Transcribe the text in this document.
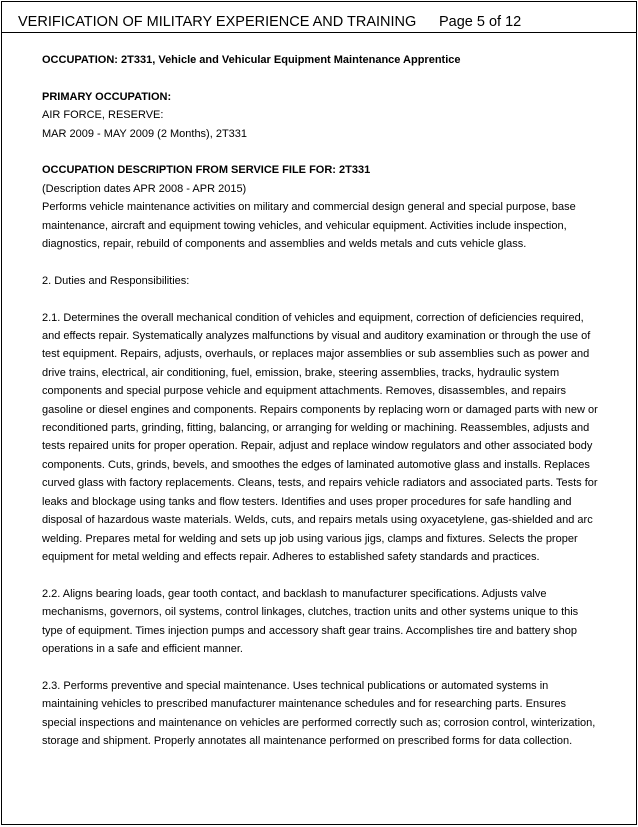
VERIFICATION OF MILITARY EXPERIENCE AND TRAINING Page 5 of 12

OCCUPATION: 2T331, Vehicle and Vehicular Equipment Maintenance Apprentice

PRIMARY OCCUPATION:

AIR FORCE, RESERVE:

MAR 2009 - MAY 2009 (2 Months), 2T331

OCCUPATION DESCRIPTION FROM SERVICE FILE FOR: 2T331

(Description dates APR 2008 - APR 2015)

Performs vehicle maintenance activities on military and commercial design general and special purpose, base maintenance, aircraft and equipment towing vehicles, and vehicular equipment. Activities include inspection, diagnostics, repair, rebuild of components and assemblies and welds metals and cuts vehicle glass.

2. Duties and Responsibilities:

2.1. Determines the overall mechanical condition of vehicles and equipment, correction of deficiencies required, and effects repair. Systematically analyzes malfunctions by visual and auditory examination or through the use of test equipment. Repairs, adjusts, overhauls, or replaces major assemblies or sub assemblies such as power and drive trains, electrical, air conditioning, fuel, emission, brake, steering assemblies, tracks, hydraulic system components and special purpose vehicle and equipment attachments. Removes, disassembles, and repairs gasoline or diesel engines and components. Repairs components by replacing worn or damaged parts with new or reconditioned parts, grinding, fitting, balancing, or arranging for welding or machining. Reassembles, adjusts and tests repaired units for proper operation. Repair, adjust and replace window regulators and other associated body components. Cuts, grinds, bevels, and smoothes the edges of laminated automotive glass and installs. Replaces curved glass with factory replacements. Cleans, tests, and repairs vehicle radiators and associated parts. Tests for leaks and blockage using tanks and flow testers. Identifies and uses proper procedures for safe handling and disposal of hazardous waste materials. Welds, cuts, and repairs metals using oxyacetylene, gas-shielded and arc welding. Prepares metal for welding and sets up job using various jigs, clamps and fixtures. Selects the proper equipment for metal welding and effects repair. Adheres to established safety standards and practices.

2.2. Aligns bearing loads, gear tooth contact, and backlash to manufacturer specifications. Adjusts valve mechanisms, governors, oil systems, control linkages, clutches, traction units and other systems unique to this type of equipment. Times injection pumps and accessory shaft gear trains. Accomplishes tire and battery shop operations in a safe and efficient manner.

2.3. Performs preventive and special maintenance. Uses technical publications or automated systems in maintaining vehicles to prescribed manufacturer maintenance schedules and for researching parts. Ensures special inspections and maintenance on vehicles are performed correctly such as; corrosion control, winterization, storage and shipment. Properly annotates all maintenance performed on prescribed forms for data collection.
